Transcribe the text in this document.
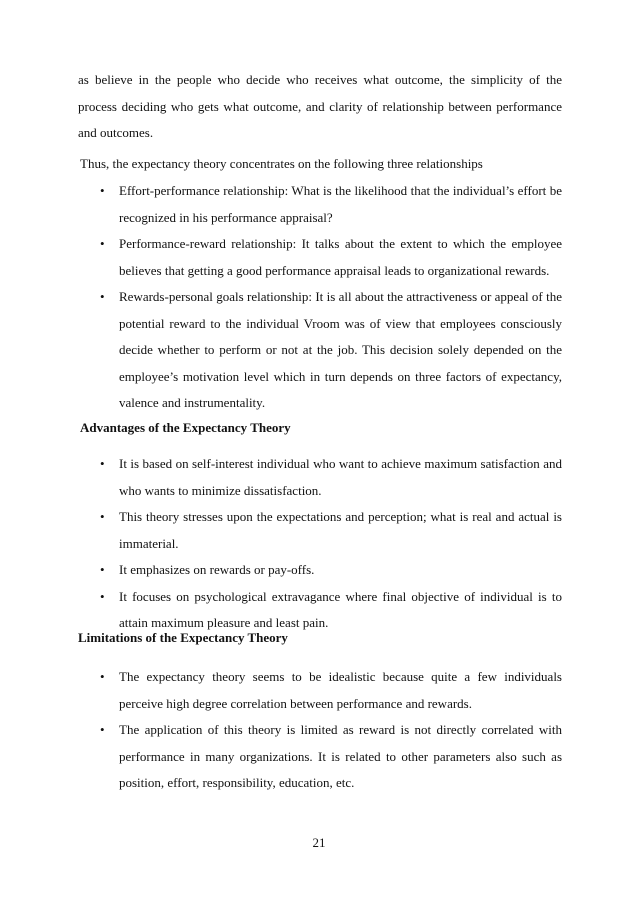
as believe in the people who decide who receives what outcome, the simplicity of the process deciding who gets what outcome, and clarity of relationship between performance and outcomes.

Thus, the expectancy theory concentrates on the following three relationships

• Effort-performance relationship: What is the likelihood that the individual’s effort be recognized in his performance appraisal?
• Performance-reward relationship: It talks about the extent to which the employee believes that getting a good performance appraisal leads to organizational rewards.
• Rewards-personal goals relationship: It is all about the attractiveness or appeal of the potential reward to the individual Vroom was of view that employees consciously decide whether to perform or not at the job. This decision solely depended on the employee’s motivation level which in turn depends on three factors of expectancy, valence and instrumentality.

Advantages of the Expectancy Theory

• It is based on self-interest individual who want to achieve maximum satisfaction and who wants to minimize dissatisfaction.
• This theory stresses upon the expectations and perception; what is real and actual is immaterial.
• It emphasizes on rewards or pay-offs.
• It focuses on psychological extravagance where final objective of individual is to attain maximum pleasure and least pain.

Limitations of the Expectancy Theory

• The expectancy theory seems to be idealistic because quite a few individuals perceive high degree correlation between performance and rewards.
• The application of this theory is limited as reward is not directly correlated with performance in many organizations. It is related to other parameters also such as position, effort, responsibility, education, etc.
21
